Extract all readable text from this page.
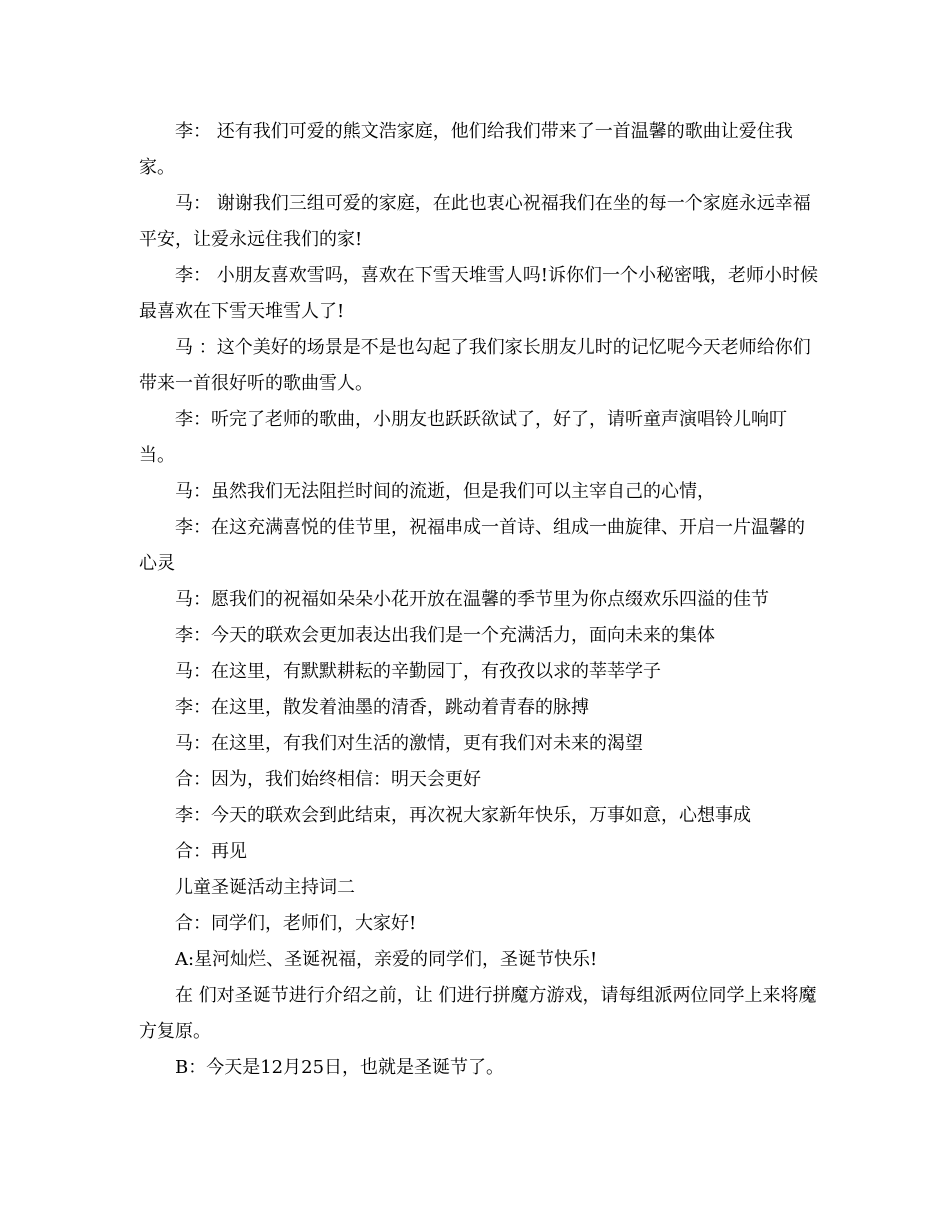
李： 还有我们可爱的熊文浩家庭，他们给我们带来了一首温馨的歌曲让爱住我家。

马： 谢谢我们三组可爱的家庭，在此也衷心祝福我们在坐的每一个家庭永远幸福平安，让爱永远住我们的家!

李： 小朋友喜欢雪吗，喜欢在下雪天堆雪人吗!诉你们一个小秘密哦，老师小时候最喜欢在下雪天堆雪人了!

马 ：这个美好的场景是不是也勾起了我们家长朋友儿时的记忆呢今天老师给你们带来一首很好听的歌曲雪人。

李：听完了老师的歌曲，小朋友也跃跃欲试了，好了，请听童声演唱铃儿响叮当。

马：虽然我们无法阻拦时间的流逝，但是我们可以主宰自己的心情，

李：在这充满喜悦的佳节里，祝福串成一首诗、组成一曲旋律、开启一片温馨的心灵

马：愿我们的祝福如朵朵小花开放在温馨的季节里为你点缀欢乐四溢的佳节

李：今天的联欢会更加表达出我们是一个充满活力，面向未来的集体

马：在这里，有默默耕耘的辛勤园丁，有孜孜以求的莘莘学子

李：在这里，散发着油墨的清香，跳动着青春的脉搏

马：在这里，有我们对生活的激情，更有我们对未来的渴望

合：因为，我们始终相信：明天会更好

李：今天的联欢会到此结束，再次祝大家新年快乐，万事如意，心想事成

合：再见

儿童圣诞活动主持词二

合：同学们，老师们，大家好!

A:星河灿烂、圣诞祝福，亲爱的同学们，圣诞节快乐!

在 们对圣诞节进行介绍之前，让 们进行拼魔方游戏，请每组派两位同学上来将魔方复原。

B：今天是12月25日，也就是圣诞节了。
